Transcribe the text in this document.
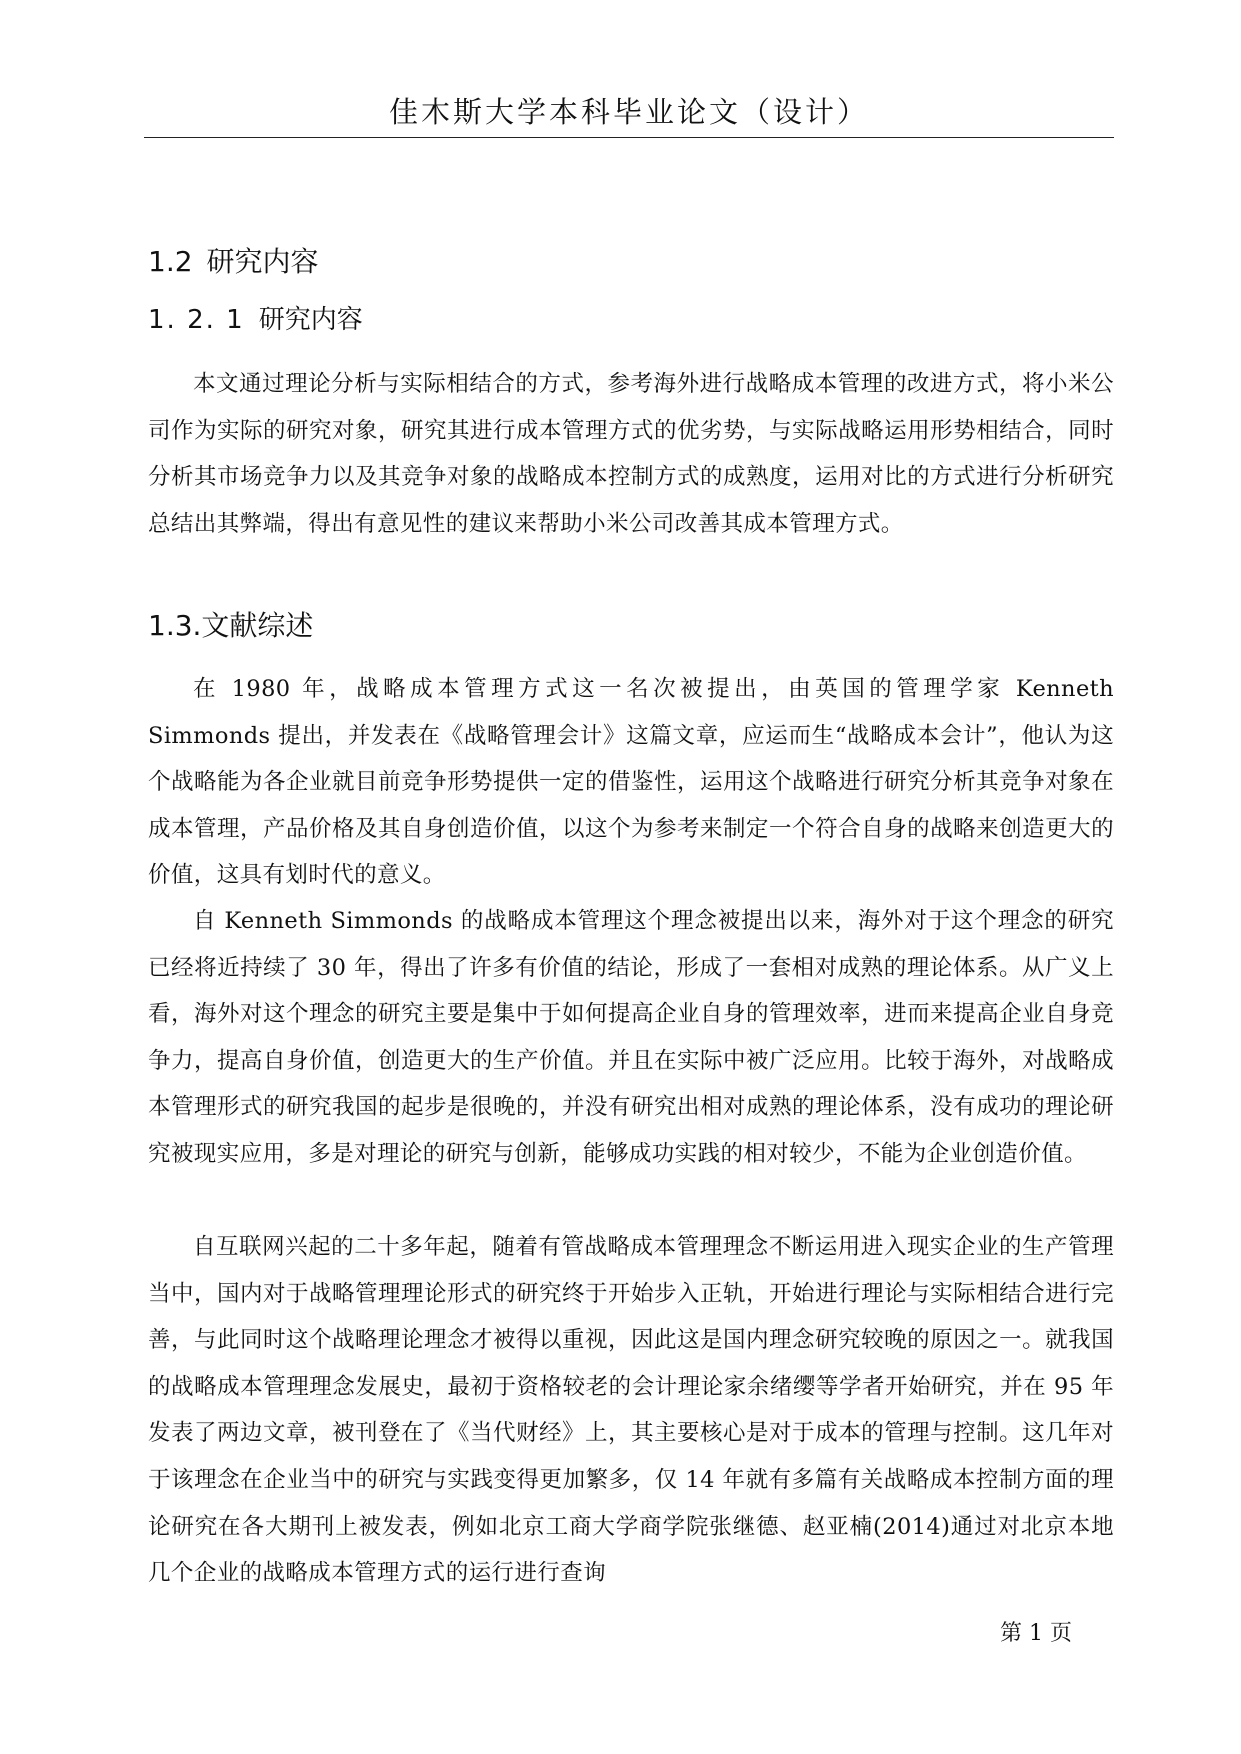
佳木斯大学本科毕业论文（设计）
1.2 研究内容
1. 2. 1 研究内容

本文通过理论分析与实际相结合的方式，参考海外进行战略成本管理的改进方式，将小米公司作为实际的研究对象，研究其进行成本管理方式的优劣势，与实际战略运用形势相结合，同时分析其市场竞争力以及其竞争对象的战略成本控制方式的成熟度，运用对比的方式进行分析研究总结出其弊端，得出有意见性的建议来帮助小米公司改善其成本管理方式。

1.3.文献综述

在 1980 年，战略成本管理方式这一名次被提出，由英国的管理学家 Kenneth Simmonds 提出，并发表在《战略管理会计》这篇文章，应运而生“战略成本会计”，他认为这个战略能为各企业就目前竞争形势提供一定的借鉴性，运用这个战略进行研究分析其竞争对象在成本管理，产品价格及其自身创造价值，以这个为参考来制定一个符合自身的战略来创造更大的价值，这具有划时代的意义。

自 Kenneth Simmonds 的战略成本管理这个理念被提出以来，海外对于这个理念的研究已经将近持续了 30 年，得出了许多有价值的结论，形成了一套相对成熟的理论体系。从广义上看，海外对这个理念的研究主要是集中于如何提高企业自身的管理效率，进而来提高企业自身竞争力，提高自身价值，创造更大的生产价值。并且在实际中被广泛应用。比较于海外，对战略成本管理形式的研究我国的起步是很晚的，并没有研究出相对成熟的理论体系，没有成功的理论研究被现实应用，多是对理论的研究与创新，能够成功实践的相对较少，不能为企业创造价值。

自互联网兴起的二十多年起，随着有管战略成本管理理念不断运用进入现实企业的生产管理当中，国内对于战略管理理论形式的研究终于开始步入正轨，开始进行理论与实际相结合进行完善，与此同时这个战略理论理念才被得以重视，因此这是国内理念研究较晚的原因之一。就我国的战略成本管理理念发展史，最初于资格较老的会计理论家余绪缨等学者开始研究，并在 95 年发表了两边文章，被刊登在了《当代财经》上，其主要核心是对于成本的管理与控制。这几年对于该理念在企业当中的研究与实践变得更加繁多，仅 14 年就有多篇有关战略成本控制方面的理论研究在各大期刊上被发表，例如北京工商大学商学院张继德、赵亚楠(2014)通过对北京本地几个企业的战略成本管理方式的运行进行查询

第 1 页
